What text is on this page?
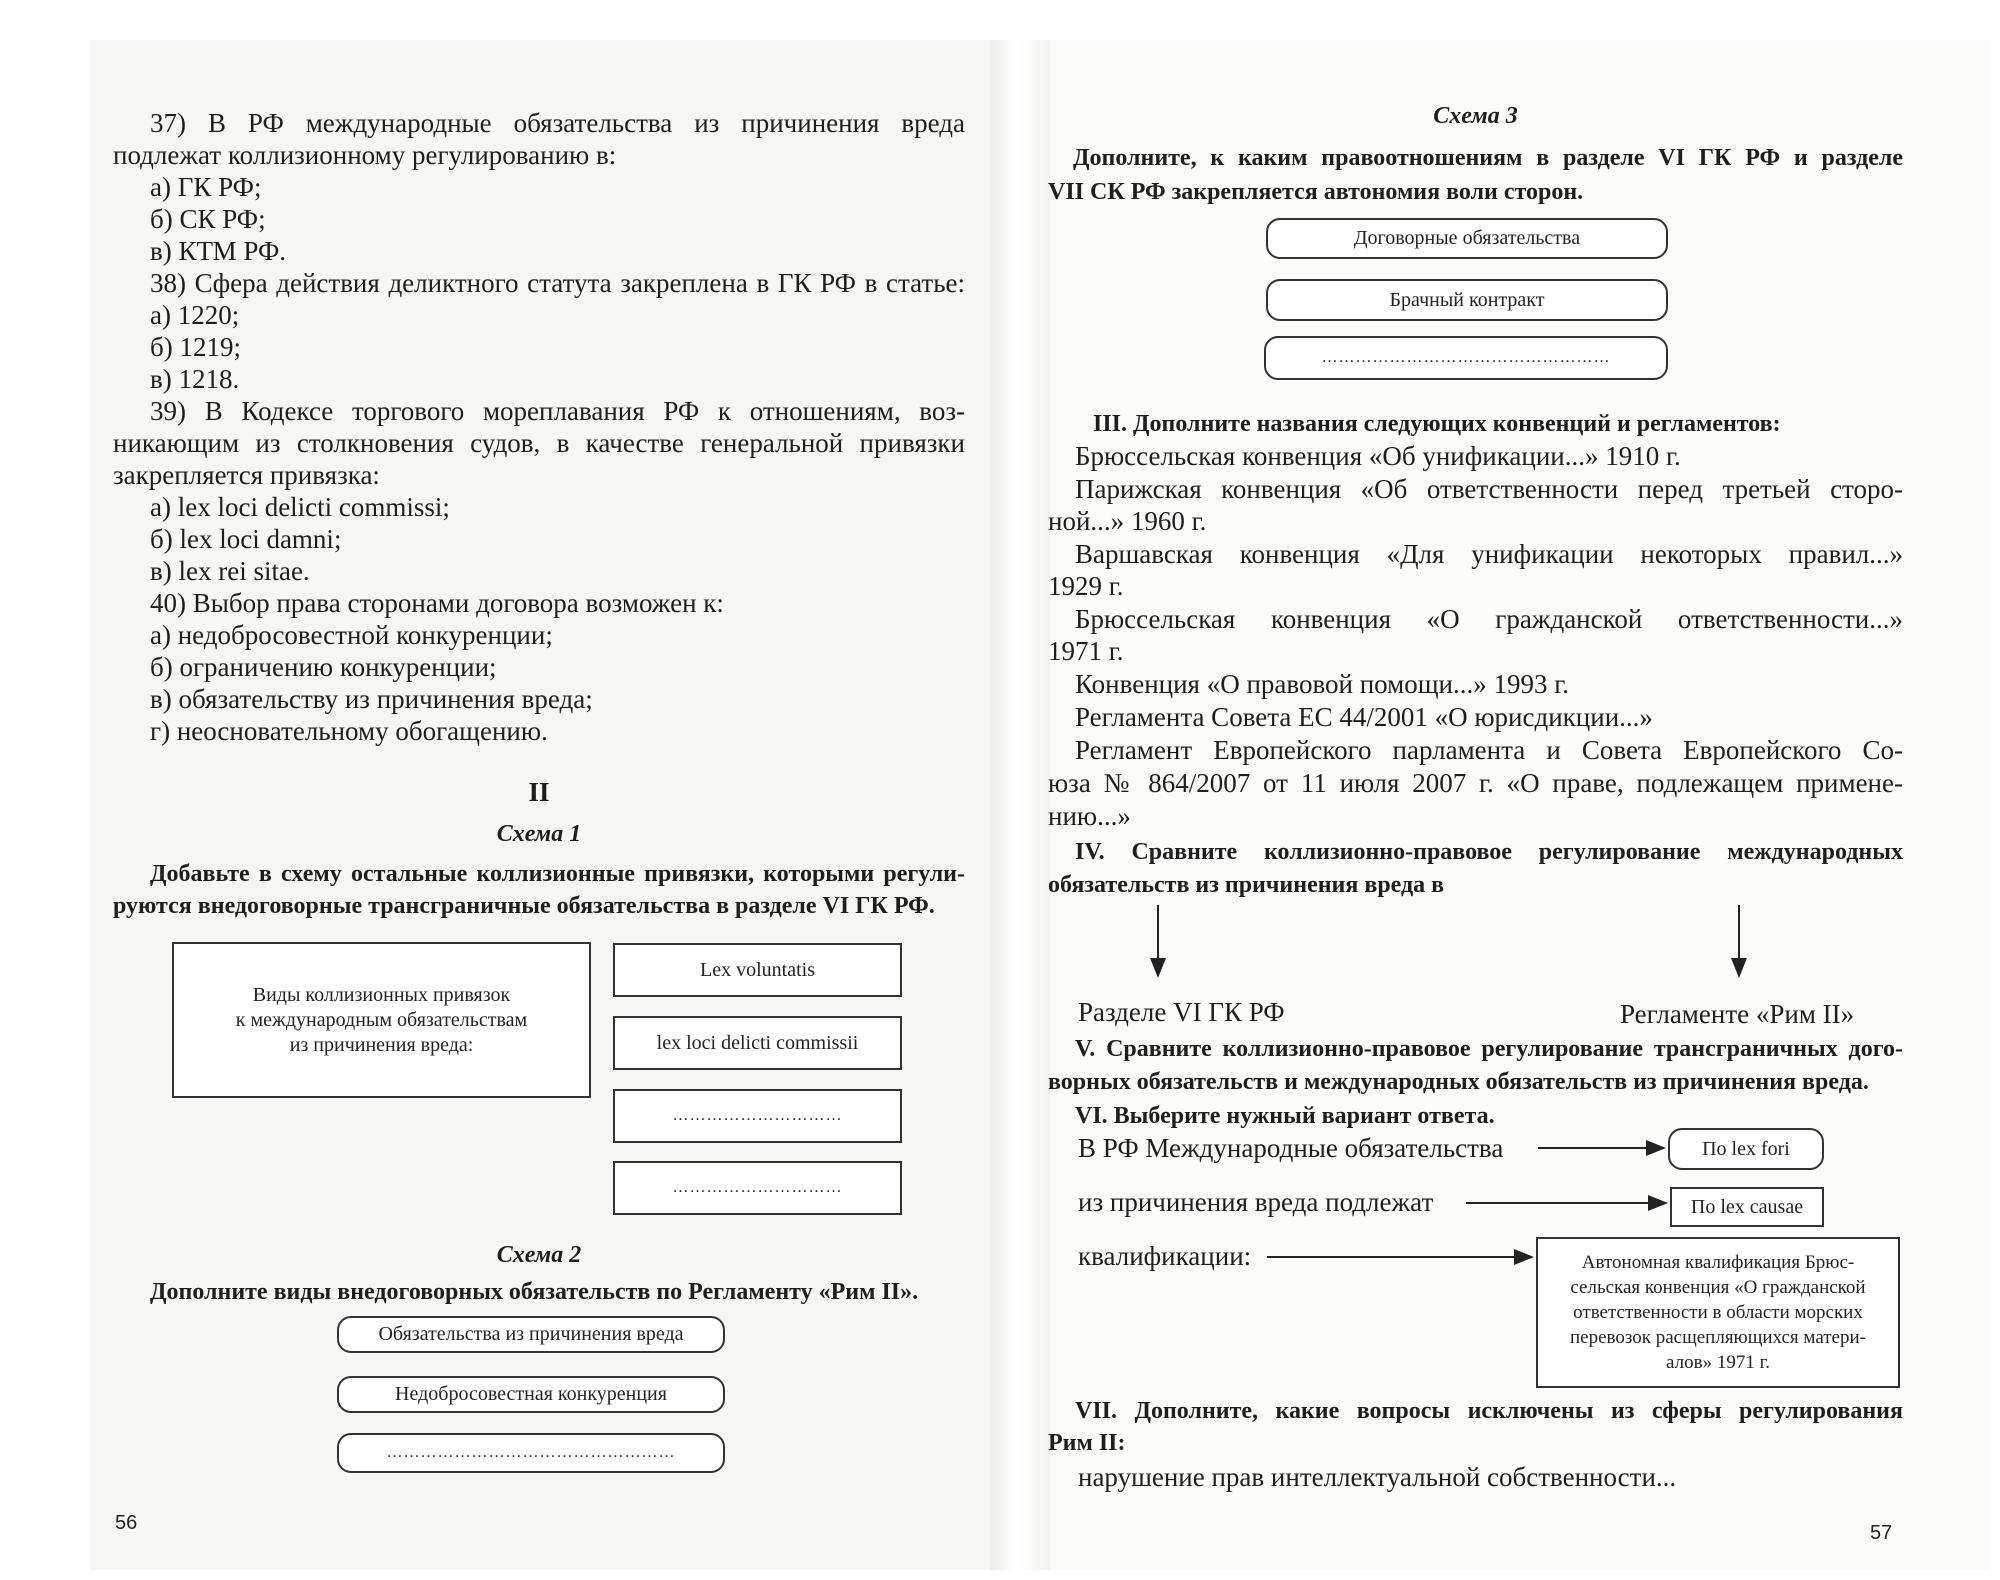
37) В РФ международные обязательства из причинения вреда
подлежат коллизионному регулированию в:
а) ГК РФ;
б) СК РФ;
в) КТМ РФ.
38) Сфера действия деликтного статута закреплена в ГК РФ в статье:
а) 1220;
б) 1219;
в) 1218.
39) В Кодексе торгового мореплавания РФ к отношениям, воз-
никающим из столкновения судов, в качестве генеральной привязки
закрепляется привязка:
а) lex loci delicti commissi;
б) lex loci damni;
в) lex rei sitae.
40) Выбор права сторонами договора возможен к:
а) недобросовестной конкуренции;
б) ограничению конкуренции;
в) обязательству из причинения вреда;
г) неосновательному обогащению.
II
Схема 1
Добавьте в схему остальные коллизионные привязки, которыми регули-
руются внедоговорные трансграничные обязательства в разделе VI ГК РФ.
Виды коллизионных привязок
к международным обязательствам
из причинения вреда:
Lex voluntatis
lex loci delicti commissii
…………………………
…………………………
Схема 2
Дополните виды внедоговорных обязательств по Регламенту «Рим II».
Обязательства из причинения вреда
Недобросовестная конкуренция
……………………………………………
56
Схема 3
Дополните, к каким правоотношениям в разделе VI ГК РФ и разделе
VII СК РФ закрепляется автономия воли сторон.
Договорные обязательства
Брачный контракт
……………………………………………
III. Дополните названия следующих конвенций и регламентов:
Брюссельская конвенция «Об унификации...» 1910 г.
Парижская конвенция «Об ответственности перед третьей сторо-
ной...» 1960 г.
Варшавская конвенция «Для унификации некоторых правил...»
1929 г.
Брюссельская конвенция «О гражданской ответственности...»
1971 г.
Конвенция «О правовой помощи...» 1993 г.
Регламента Совета ЕС 44/2001 «О юрисдикции...»
Регламент Европейского парламента и Совета Европейского Со-
юза № 864/2007 от 11 июля 2007 г. «О праве, подлежащем примене-
нию...»
IV. Сравните коллизионно-правовое регулирование международных
обязательств из причинения вреда в
Разделе VI ГК РФ	Регламенте «Рим II»
V. Сравните коллизионно-правовое регулирование трансграничных дого-
ворных обязательств и международных обязательств из причинения вреда.
VI. Выберите нужный вариант ответа.
В РФ Международные обязательства
из причинения вреда подлежат
квалификации:
По lex fori
По lex causae
Автономная квалификация Брюс-
сельская конвенция «О гражданской
ответственности в области морских
перевозок расщепляющихся матери-
алов» 1971 г.
VII. Дополните, какие вопросы исключены из сферы регулирования
Рим II:
нарушение прав интеллектуальной собственности...
57
